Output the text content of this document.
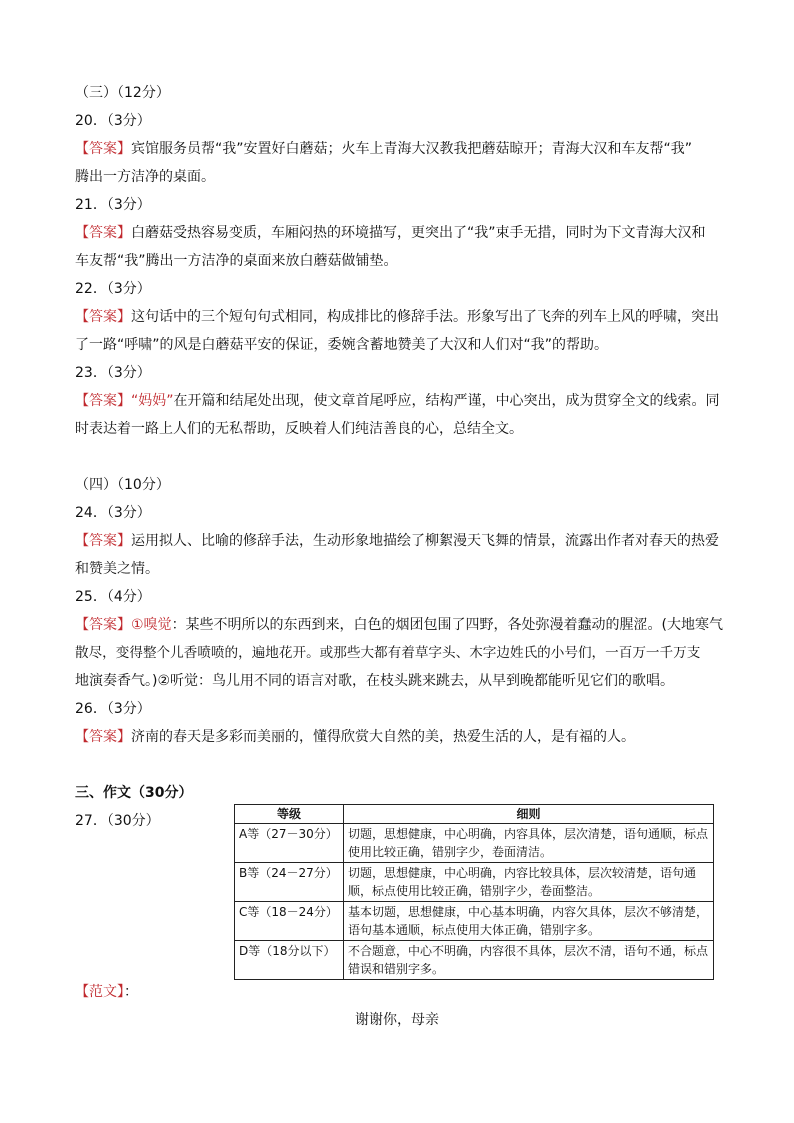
（三）（12分）
20．（3分）
【答案】宾馆服务员帮“我”安置好白蘑菇；火车上青海大汉教我把蘑菇晾开；青海大汉和车友帮“我”
腾出一方洁净的桌面。
21．（3分）
【答案】白蘑菇受热容易变质，车厢闷热的环境描写，更突出了“我”束手无措，同时为下文青海大汉和
车友帮“我”腾出一方洁净的桌面来放白蘑菇做铺垫。
22．（3分）
【答案】这句话中的三个短句句式相同，构成排比的修辞手法。形象写出了飞奔的列车上风的呼啸，突出
了一路“呼啸”的风是白蘑菇平安的保证，委婉含蓄地赞美了大汉和人们对“我”的帮助。
23．（3分）
【答案】“妈妈”在开篇和结尾处出现，使文章首尾呼应，结构严谨，中心突出，成为贯穿全文的线索。同
时表达着一路上人们的无私帮助，反映着人们纯洁善良的心，总结全文。
（四）（10分）
24．（3分）
【答案】运用拟人、比喻的修辞手法，生动形象地描绘了柳絮漫天飞舞的情景，流露出作者对春天的热爱
和赞美之情。
25．（4分）
【答案】①嗅觉：某些不明所以的东西到来，白色的烟团包围了四野，各处弥漫着蠢动的腥涩。(大地寒气
散尽，变得整个儿香喷喷的，遍地花开。或那些大都有着草字头、木字边姓氏的小号们，一百万一千万支
地演奏香气。)②听觉：鸟儿用不同的语言对歌，在枝头跳来跳去，从早到晚都能听见它们的歌唱。
26．（3分）
【答案】济南的春天是多彩而美丽的，懂得欣赏大自然的美，热爱生活的人，是有福的人。
三、作文（30分）
27．（30分）	等级	细则
A等（27－30分）	切题，思想健康，中心明确，内容具体，层次清楚，语句通顺，标点使用比较正确，错别字少，卷面清洁。
B等（24－27分）	切题，思想健康，中心明确，内容比较具体，层次较清楚，语句通顺，标点使用比较正确，错别字少，卷面整洁。
C等（18－24分）	基本切题，思想健康，中心基本明确，内容欠具体，层次不够清楚，语句基本通顺，标点使用大体正确，错别字多。
D等（18分以下）	不合题意，中心不明确，内容很不具体，层次不清，语句不通，标点错误和错别字多。
【范文】：
谢谢你，母亲
